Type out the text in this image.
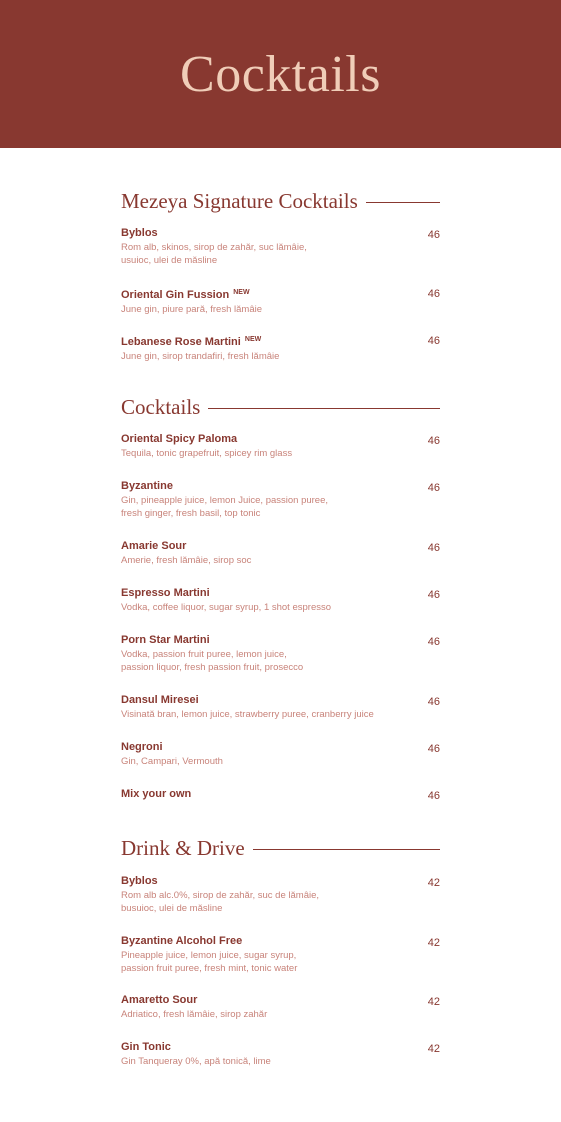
Cocktails
Mezeya Signature Cocktails
Byblos
Rom alb, skinos, sirop de zahăr, suc lămâie,
usuioc, ulei de măsline
46
Oriental Gin Fussion $^{NEW}$
June gin, piure pară, fresh lămâie
46
Lebanese Rose Martini $^{NEW}$
June gin, sirop trandafiri, fresh lămâie
46
Cocktails
Oriental Spicy Paloma
Tequila, tonic grapefruit, spicey rim glass
46
Byzantine
Gin, pineapple juice, lemon Juice, passion puree,
fresh ginger, fresh basil, top tonic
46
Amarie Sour
Amerie, fresh lămâie, sirop soc
46
Espresso Martini
Vodka, coffee liquor, sugar syrup, 1 shot espresso
46
Porn Star Martini
Vodka, passion fruit puree, lemon juice,
passion liquor, fresh passion fruit, prosecco
46
Dansul Miresei
Visinată bran, lemon juice, strawberry puree, cranberry juice
46
Negroni
Gin, Campari, Vermouth
46
Mix your own	46
Drink & Drive
Byblos
Rom alb alc.0%, sirop de zahăr, suc de lămâie,
busuioc, ulei de măsline
42
Byzantine Alcohol Free
Pineapple juice, lemon juice, sugar syrup,
passion fruit puree, fresh mint, tonic water
42
Amaretto Sour
Adriatico, fresh lămâie, sirop zahăr
42
Gin Tonic
Gin Tanqueray 0%, apă tonică, lime
42
